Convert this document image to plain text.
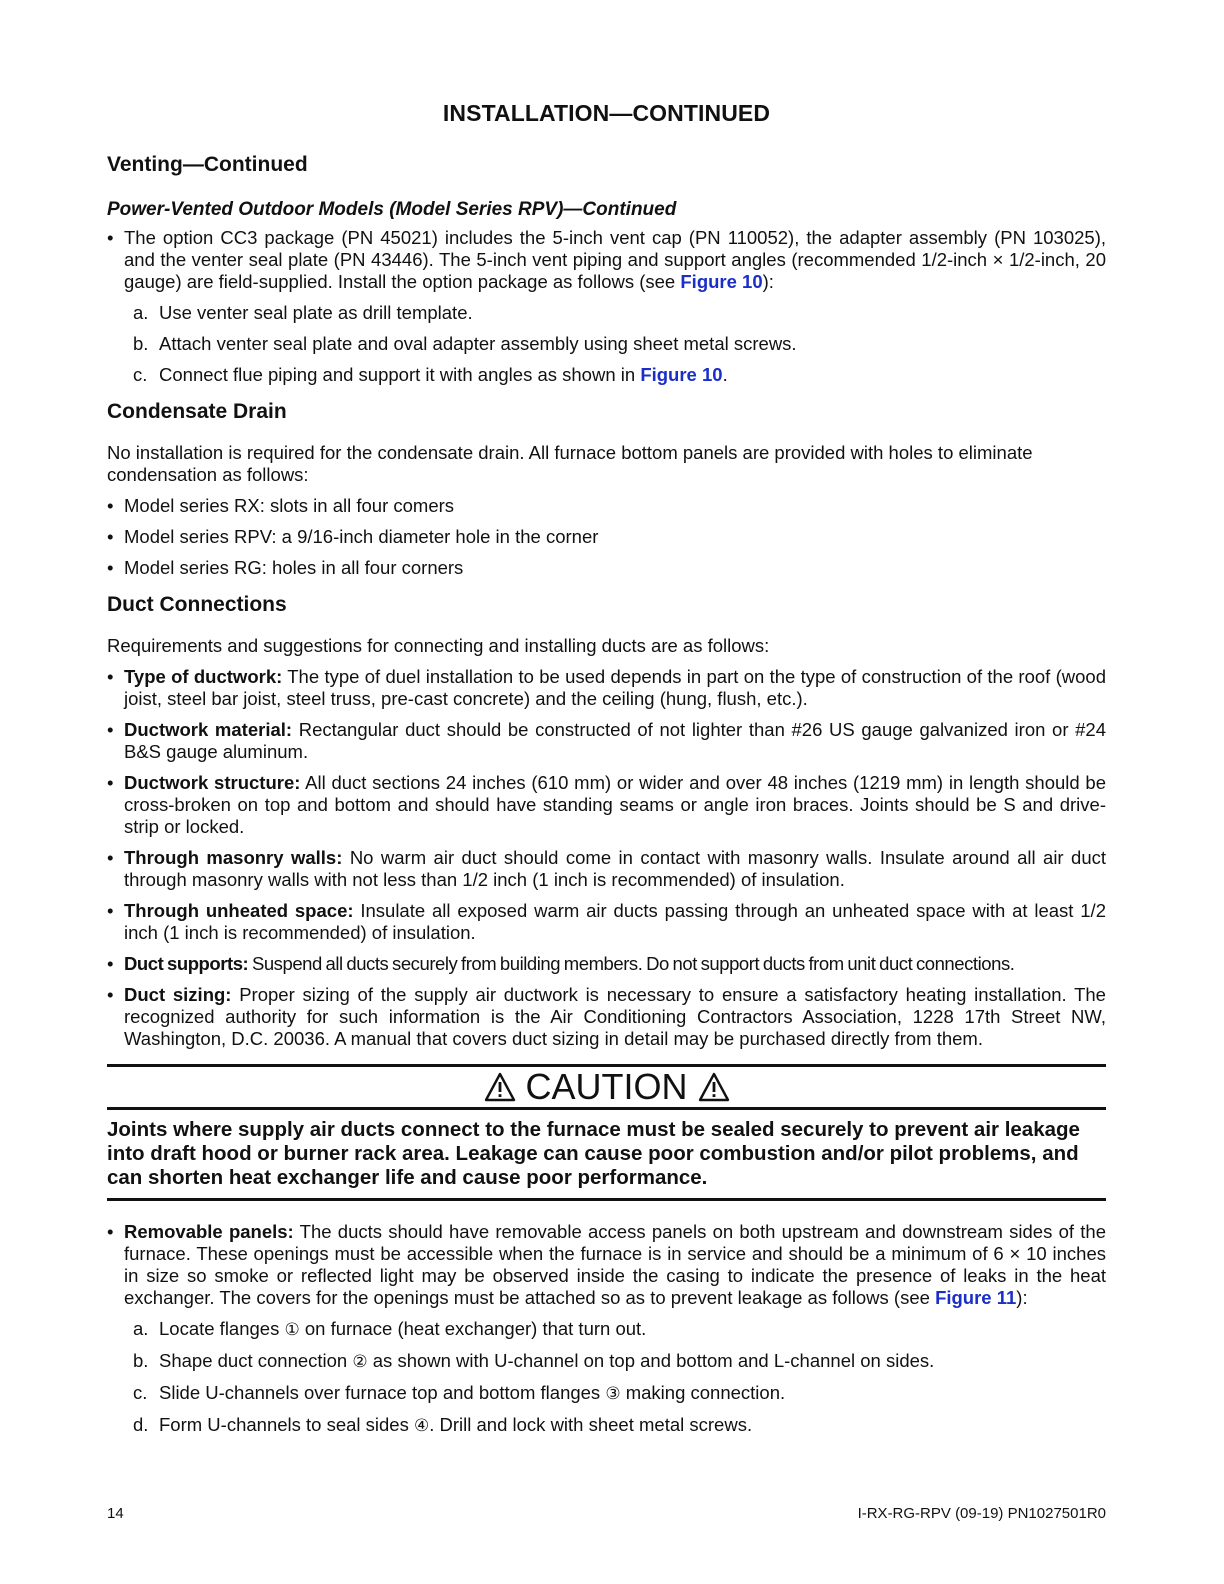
INSTALLATION—CONTINUED
Venting—Continued
Power-Vented Outdoor Models (Model Series RPV)—Continued
• The option CC3 package (PN 45021) includes the 5-inch vent cap (PN 110052), the adapter assembly (PN 103025), and the venter seal plate (PN 43446). The 5-inch vent piping and support angles (recommended 1/2-inch × 1/2-inch, 20 gauge) are field-supplied. Install the option package as follows (see Figure 10):
a. Use venter seal plate as drill template.
b. Attach venter seal plate and oval adapter assembly using sheet metal screws.
c. Connect flue piping and support it with angles as shown in Figure 10.
Condensate Drain

No installation is required for the condensate drain. All furnace bottom panels are provided with holes to eliminate condensation as follows:

• Model series RX: slots in all four comers
• Model series RPV: a 9/16-inch diameter hole in the corner
• Model series RG: holes in all four corners
Duct Connections

Requirements and suggestions for connecting and installing ducts are as follows:

• Type of ductwork: The type of duel installation to be used depends in part on the type of construction of the roof (wood joist, steel bar joist, steel truss, pre-cast concrete) and the ceiling (hung, flush, etc.).
• Ductwork material: Rectangular duct should be constructed of not lighter than #26 US gauge galvanized iron or #24 B&S gauge aluminum.
• Ductwork structure: All duct sections 24 inches (610 mm) or wider and over 48 inches (1219 mm) in length should be cross-broken on top and bottom and should have standing seams or angle iron braces. Joints should be S and drive-strip or locked.
• Through masonry walls: No warm air duct should come in contact with masonry walls. Insulate around all air duct through masonry walls with not less than 1/2 inch (1 inch is recommended) of insulation.
• Through unheated space: Insulate all exposed warm air ducts passing through an unheated space with at least 1/2 inch (1 inch is recommended) of insulation.
• Duct supports: Suspend all ducts securely from building members. Do not support ducts from unit duct connections.
• Duct sizing: Proper sizing of the supply air ductwork is necessary to ensure a satisfactory heating installation. The recognized authority for such information is the Air Conditioning Contractors Association, 1228 17th Street NW, Washington, D.C. 20036. A manual that covers duct sizing in detail may be purchased directly from them.
CAUTION

Joints where supply air ducts connect to the furnace must be sealed securely to prevent air leakage into draft hood or burner rack area. Leakage can cause poor combustion and/or pilot problems, and can shorten heat exchanger life and cause poor performance.

• Removable panels: The ducts should have removable access panels on both upstream and downstream sides of the furnace. These openings must be accessible when the furnace is in service and should be a minimum of 6 × 10 inches in size so smoke or reflected light may be observed inside the casing to indicate the presence of leaks in the heat exchanger. The covers for the openings must be attached so as to prevent leakage as follows (see Figure 11):
a. Locate flanges ① on furnace (heat exchanger) that turn out.
b. Shape duct connection ② as shown with U-channel on top and bottom and L-channel on sides.
c. Slide U-channels over furnace top and bottom flanges ③ making connection.
d. Form U-channels to seal sides ④. Drill and lock with sheet metal screws.
14	I-RX-RG-RPV (09-19) PN1027501R0
